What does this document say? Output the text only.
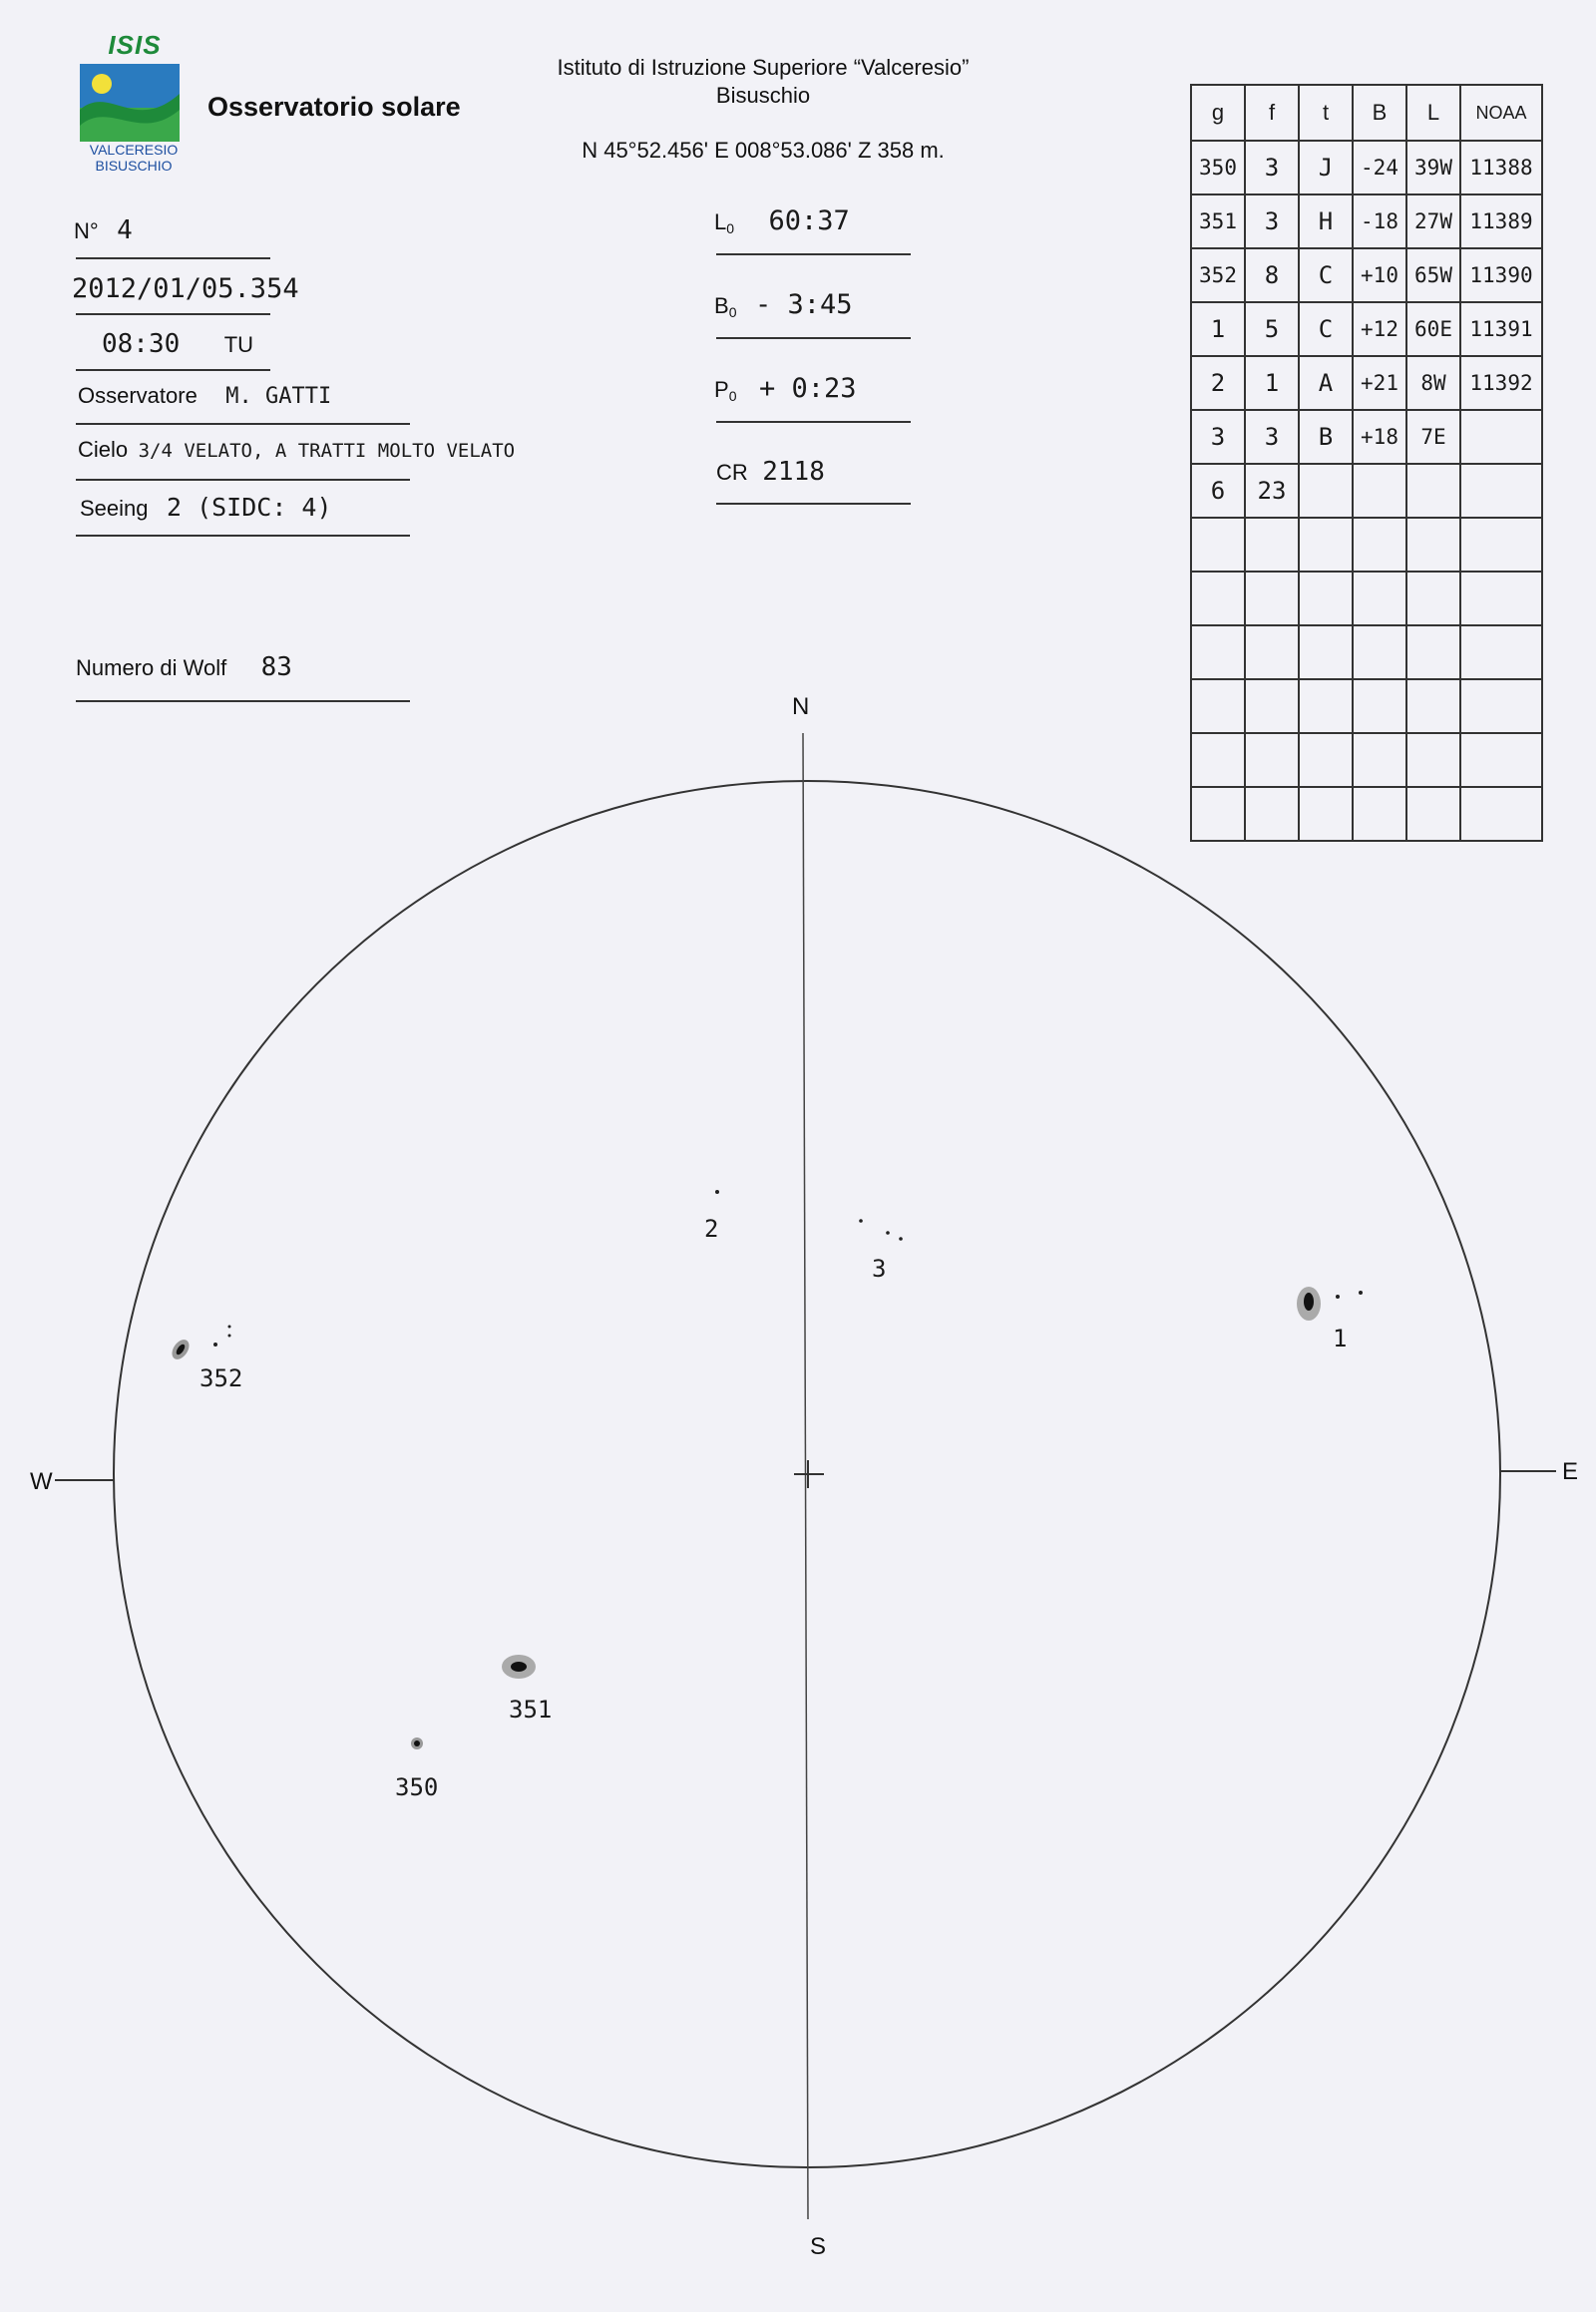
ISIS
VALCERESIO
BISUSCHIO
Osservatorio solare
Istituto di Istruzione Superiore “Valceresio”
Bisuschio
N 45°52.456' E 008°53.086' Z 358 m.
N° 4
2012/01/05.354
08:30 TU
Osservatore M. GATTI
Cielo 3/4 VELATO, A TRATTI MOLTO VELATO
Seeing 2 (SIDC: 4)
Numero di Wolf 83
$L_0$ 60:37
$B_0$ - 3:45
$P_0$ + 0:23
CR 2118
g	f	t	B	L	NOAA
350	3	J	-24	39W	11388
351	3	H	-18	27W	11389
352	8	C	+10	65W	11390
1	5	C	+12	60E	11391
2	1	A	+21	8W	11392
3	3	B	+18	7E	
6	23				

N
S
E
W
350
351
352
1
2
3
